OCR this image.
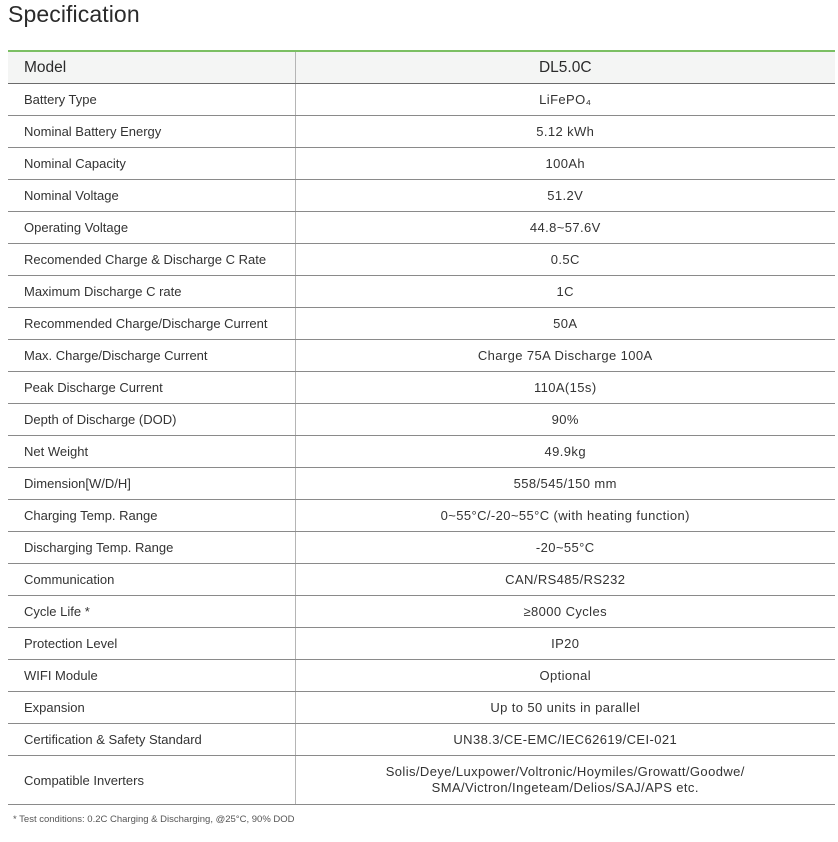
Specification
Model	DL5.0C
Battery Type	LiFePO₄
Nominal Battery Energy	5.12 kWh
Nominal Capacity	100Ah
Nominal Voltage	51.2V
Operating Voltage	44.8~57.6V
Recomended Charge & Discharge C Rate	0.5C
Maximum Discharge C rate	1C
Recommended Charge/Discharge Current	50A
Max. Charge/Discharge Current	Charge 75A Discharge 100A
Peak Discharge Current	110A(15s)
Depth of Discharge (DOD)	90%
Net Weight	49.9kg
Dimension[W/D/H]	558/545/150 mm
Charging Temp. Range	0~55°C/-20~55°C (with heating function)
Discharging Temp. Range	-20~55°C
Communication	CAN/RS485/RS232
Cycle Life *	≥8000 Cycles
Protection Level	IP20
WIFI Module	Optional
Expansion	Up to 50 units in parallel
Certification & Safety Standard	UN38.3/CE-EMC/IEC62619/CEI-021
Compatible Inverters	Solis/Deye/Luxpower/Voltronic/Hoymiles/Growatt/Goodwe/
SMA/Victron/Ingeteam/Delios/SAJ/APS etc.
* Test conditions: 0.2C Charging & Discharging, @25°C, 90% DOD
